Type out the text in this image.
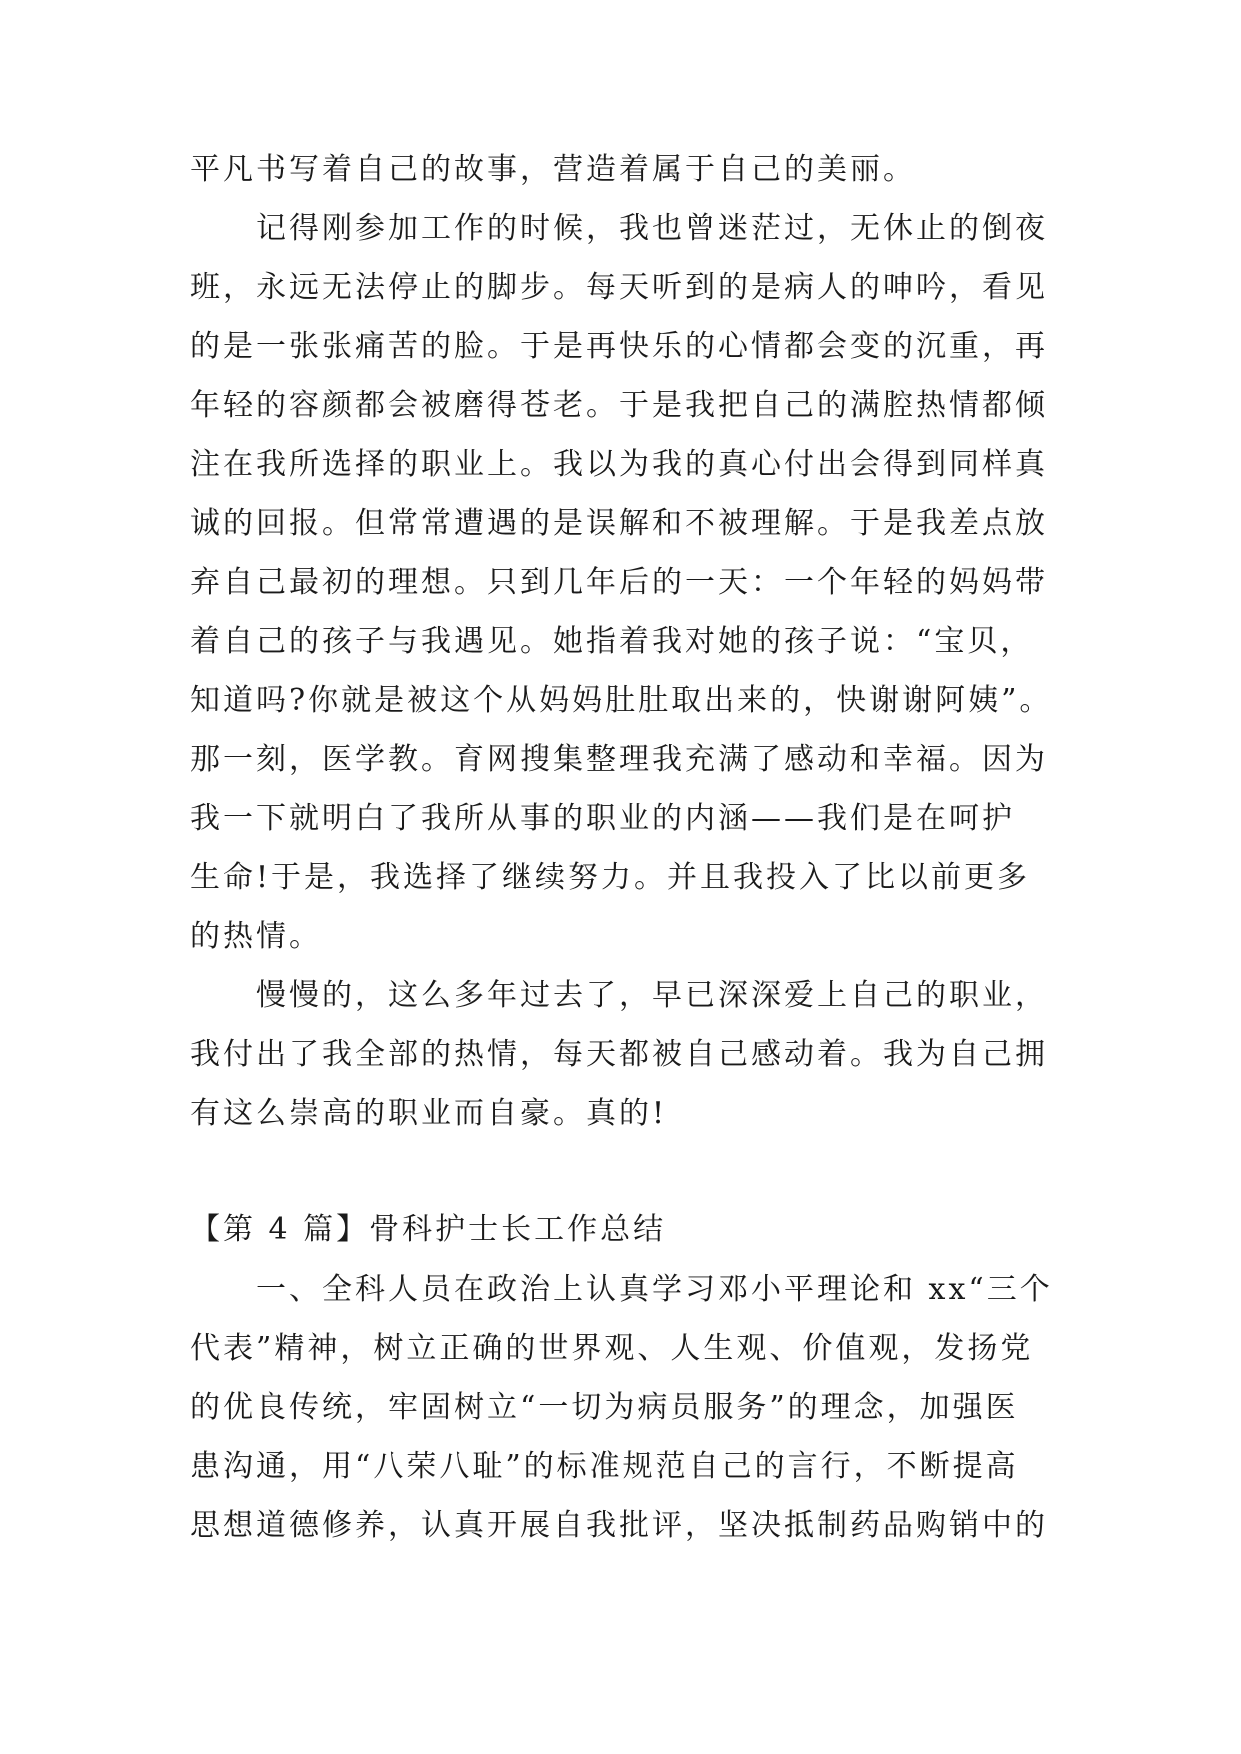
平凡书写着自己的故事，营造着属于自己的美丽。
　　记得刚参加工作的时候，我也曾迷茫过，无休止的倒夜
班，永远无法停止的脚步。每天听到的是病人的呻吟，看见
的是一张张痛苦的脸。于是再快乐的心情都会变的沉重，再
年轻的容颜都会被磨得苍老。于是我把自己的满腔热情都倾
注在我所选择的职业上。我以为我的真心付出会得到同样真
诚的回报。但常常遭遇的是误解和不被理解。于是我差点放
弃自己最初的理想。只到几年后的一天：一个年轻的妈妈带
着自己的孩子与我遇见。她指着我对她的孩子说：“宝贝，
知道吗?你就是被这个从妈妈肚肚取出来的，快谢谢阿姨”。
那一刻，医学教。育网搜集整理我充满了感动和幸福。因为
我一下就明白了我所从事的职业的内涵——我们是在呵护
生命!于是，我选择了继续努力。并且我投入了比以前更多
的热情。
　　慢慢的，这么多年过去了，早已深深爱上自己的职业，
我付出了我全部的热情，每天都被自己感动着。我为自己拥
有这么崇高的职业而自豪。真的!
【第 4 篇】骨科护士长工作总结
　　一、全科人员在政治上认真学习邓小平理论和 xx“三个
代表”精神，树立正确的世界观、人生观、价值观，发扬党
的优良传统，牢固树立“一切为病员服务”的理念，加强医
患沟通，用“八荣八耻”的标准规范自己的言行，不断提高
思想道德修养，认真开展自我批评，坚决抵制药品购销中的
